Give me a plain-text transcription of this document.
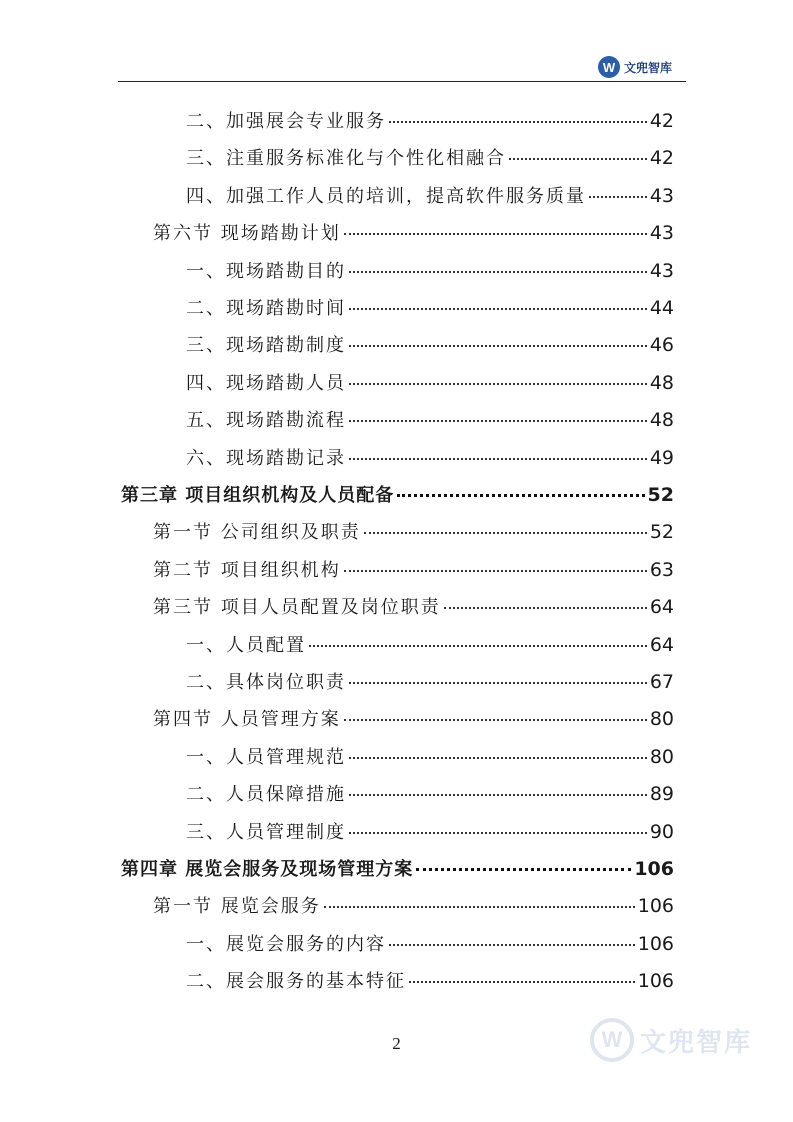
W 文兜智库
二、加强展会专业服务	42
三、注重服务标准化与个性化相融合	42
四、加强工作人员的培训，提高软件服务质量	43
第六节 现场踏勘计划	43
一、现场踏勘目的	43
二、现场踏勘时间	44
三、现场踏勘制度	46
四、现场踏勘人员	48
五、现场踏勘流程	48
六、现场踏勘记录	49
第三章 项目组织机构及人员配备	52
第一节 公司组织及职责	52
第二节 项目组织机构	63
第三节 项目人员配置及岗位职责	64
一、人员配置	64
二、具体岗位职责	67
第四节 人员管理方案	80
一、人员管理规范	80
二、人员保障措施	89
三、人员管理制度	90
第四章 展览会服务及现场管理方案	106
第一节 展览会服务	106
一、展览会服务的内容	106
二、展会服务的基本特征	106
2	W 文兜智库
